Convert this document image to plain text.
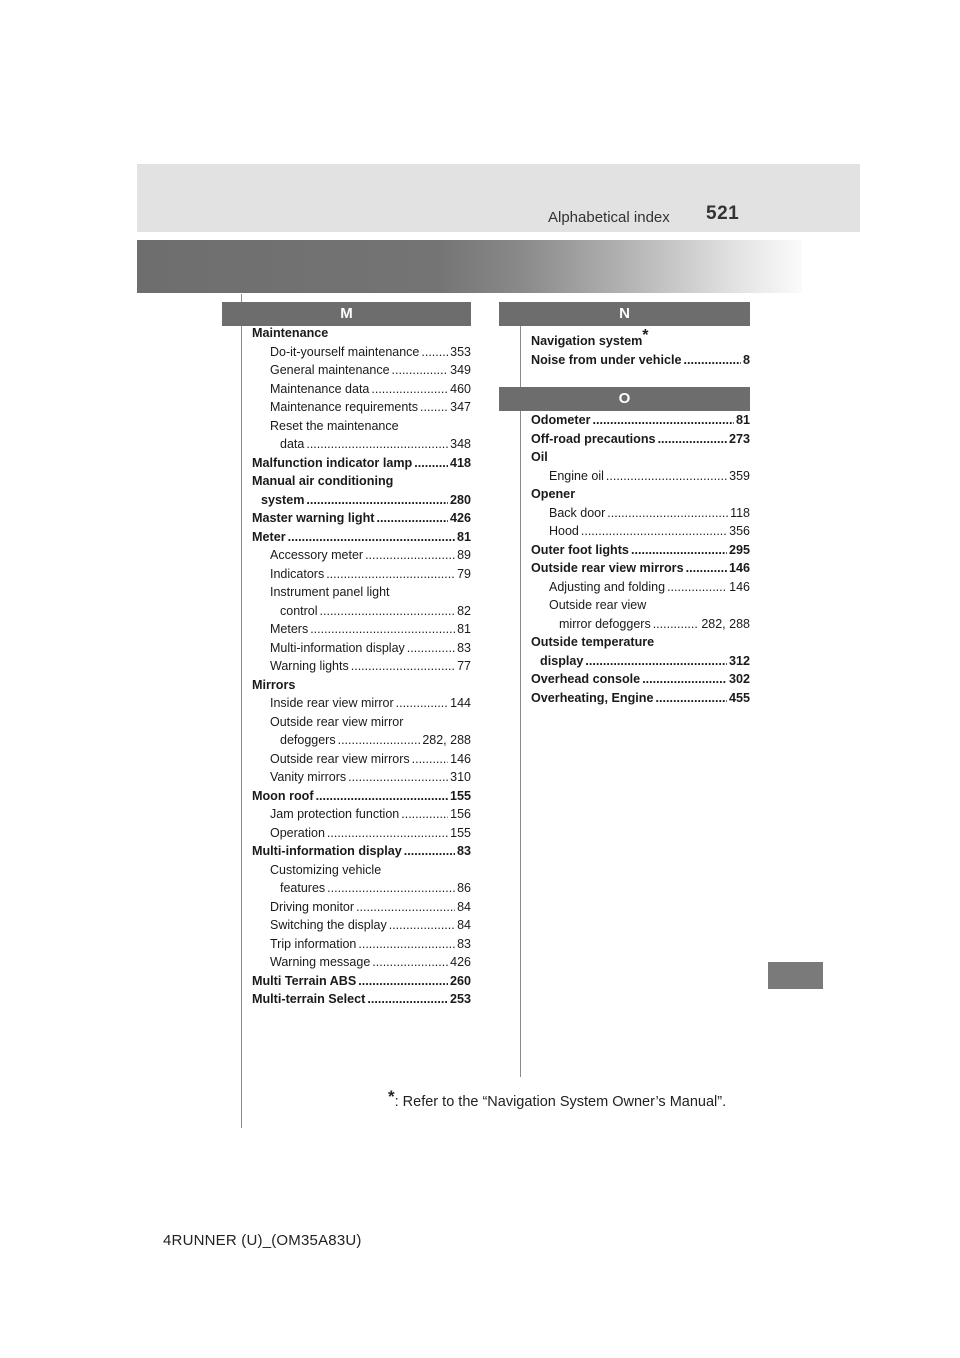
Alphabetical index 521
M	N
O
Maintenance
Do-it-yourself maintenance ..... 353
General maintenance .....	349
Maintenance data .....	460
Maintenance requirements .....	347
Reset the maintenance
data .....	348
Malfunction indicator lamp .....	418
Manual air conditioning
system .....	280
Master warning light .....	426
Meter .....	81
Accessory meter .....	89
Indicators .....	79
Instrument panel light
control .....	82
Meters .....	81
Multi-information display .....	83
Warning lights .....	77
Mirrors
Inside rear view mirror .....	144
Outside rear view mirror
defoggers .....	282, 288
Outside rear view mirrors .....	146
Vanity mirrors .....	310
Moon roof .....	155
Jam protection function .....	156
Operation .....	155
Multi-information display .....	83
Customizing vehicle
features .....	86
Driving monitor .....	84
Switching the display .....	84
Trip information .....	83
Warning message .....	426
Multi Terrain ABS .....	260
Multi-terrain Select .....	253
Navigation system*
Noise from under vehicle .....	8
Odometer .....	81
Off-road precautions .....	273
Oil
Engine oil .....	359
Opener
Back door .....	118
Hood .....	356
Outer foot lights .....	295
Outside rear view mirrors .....	146
Adjusting and folding .....	146
Outside rear view
mirror defoggers .....	282, 288
Outside temperature
display .....	312
Overhead console .....	302
Overheating, Engine .....	455
*: Refer to the “Navigation System Owner’s Manual”.
4RUNNER (U)_(OM35A83U)
